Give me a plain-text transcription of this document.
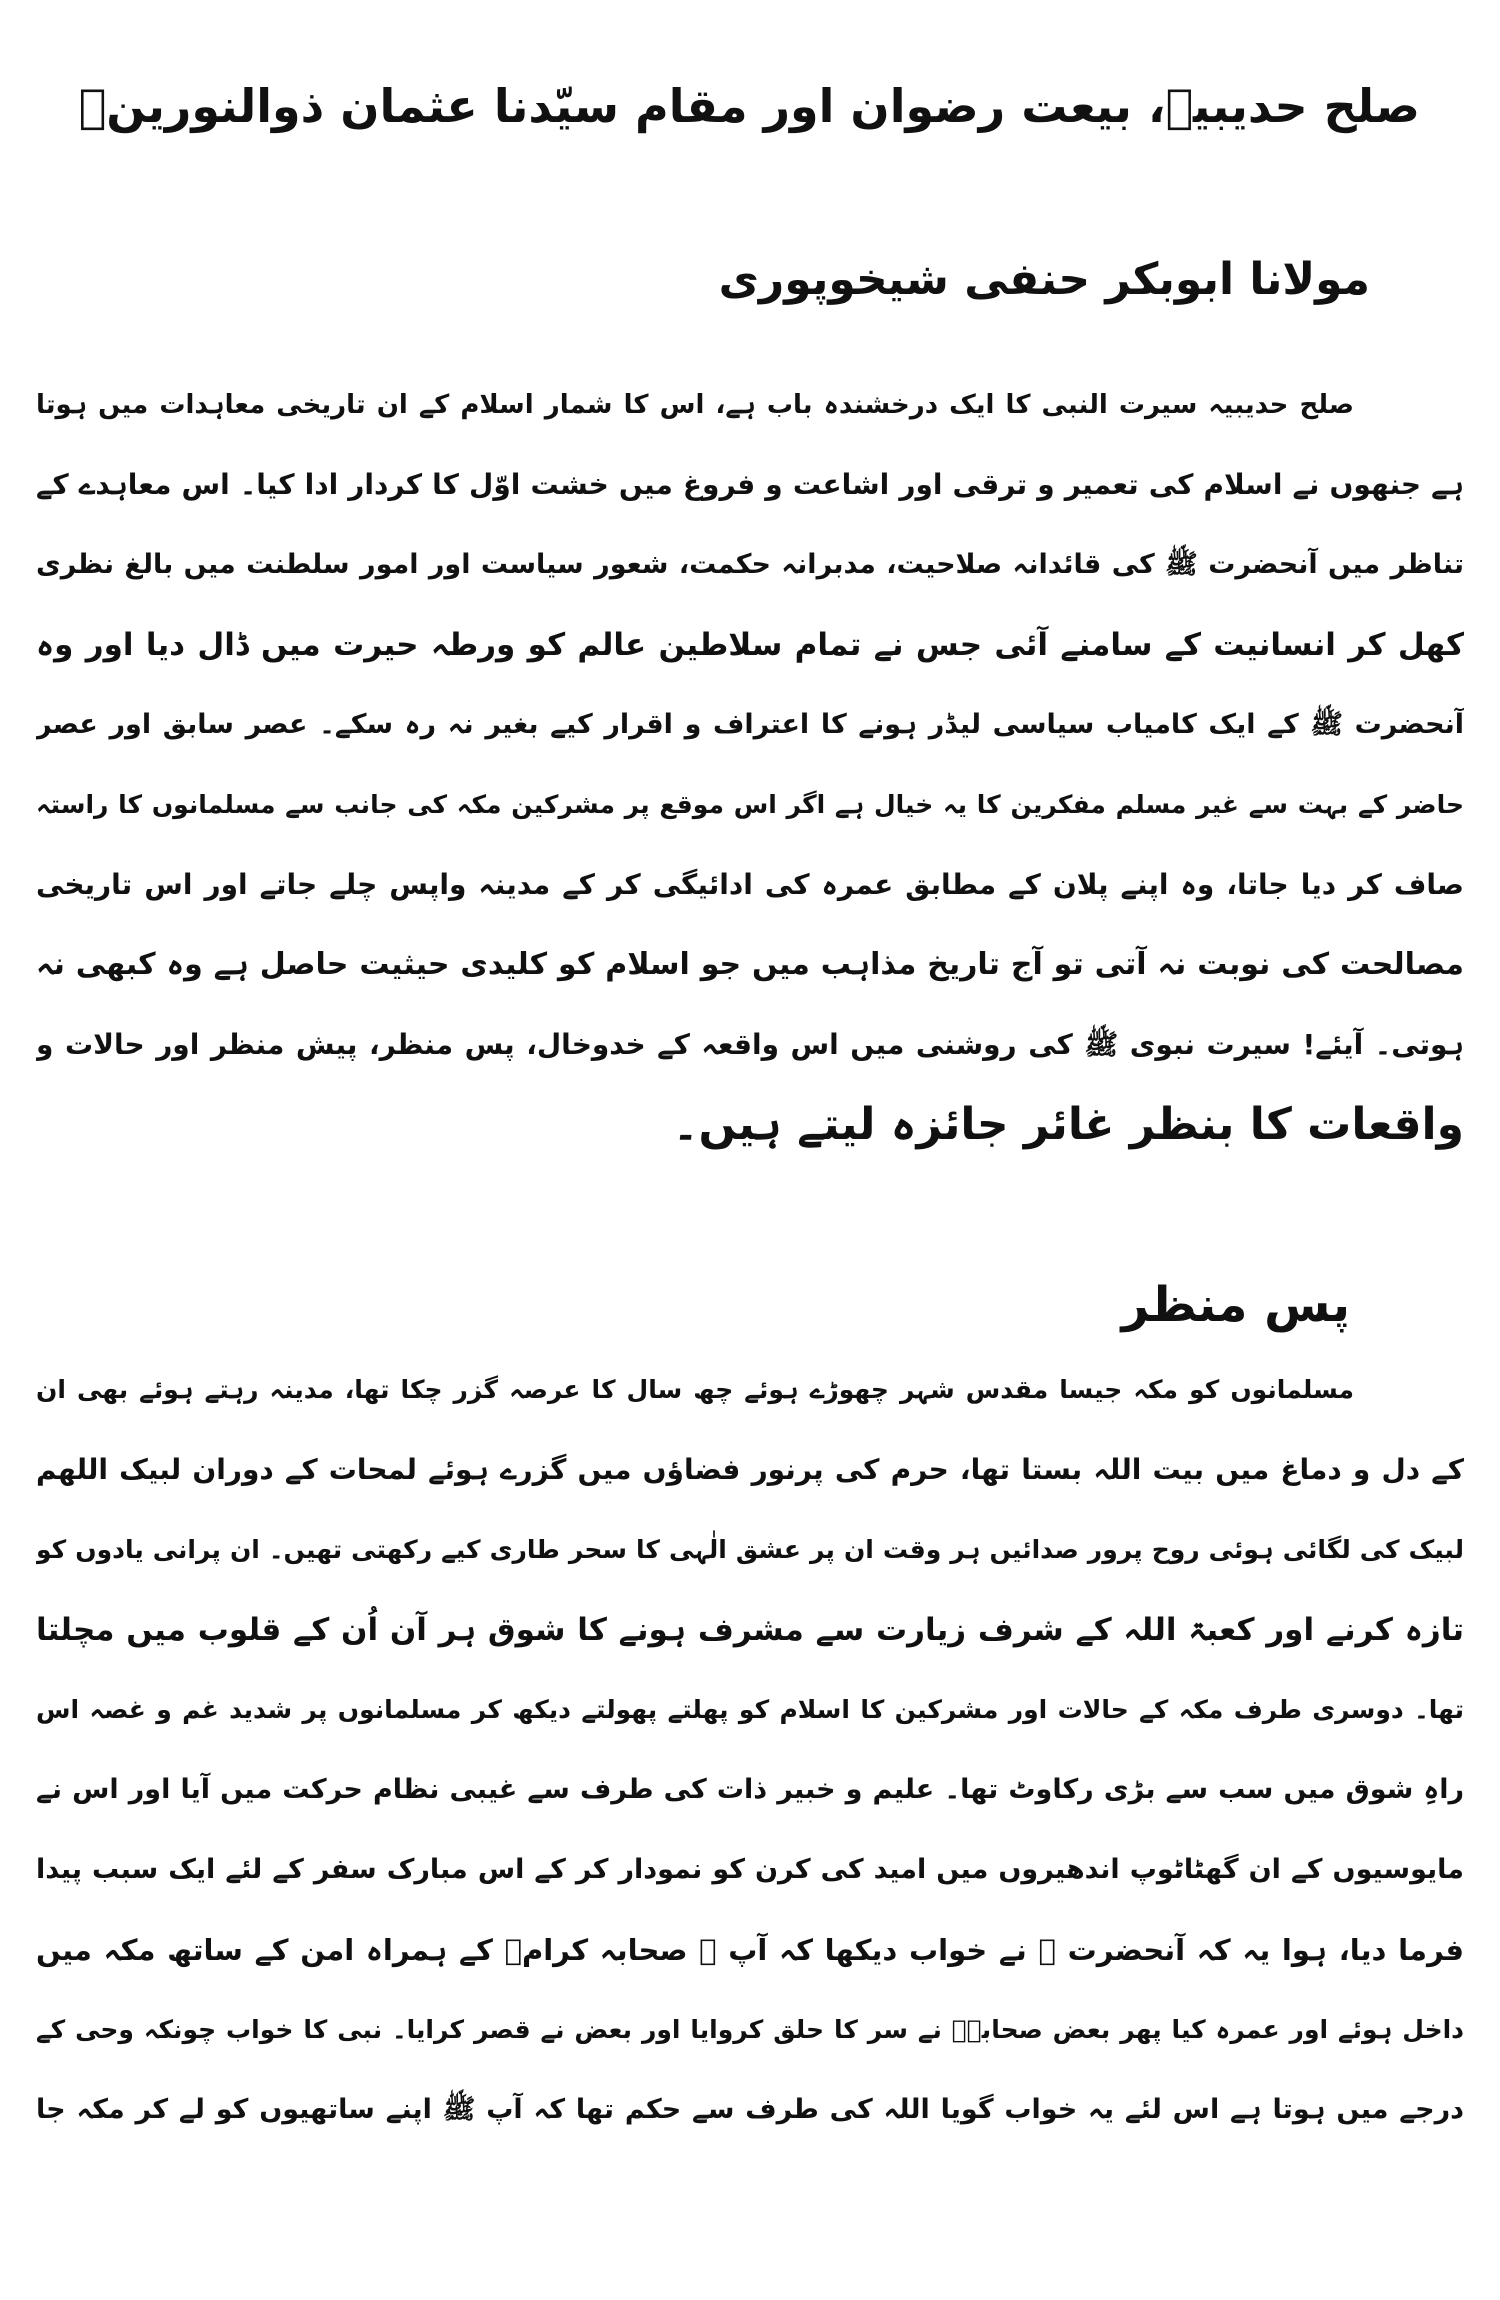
صلح حدیبیہ، بیعت رضوان اور مقام سیّدنا عثمان ذوالنورینؓ
مولانا ابوبکر حنفی شیخوپوری
صلح حدیبیہ سیرت النبی کا ایک درخشندہ باب ہے، اس کا شمار اسلام کے ان تاریخی معاہدات میں ہوتا
ہے جنھوں نے اسلام کی تعمیر و ترقی اور اشاعت و فروغ میں خشت اوّل کا کردار ادا کیا۔ اس معاہدے کے
تناظر میں آنحضرت ﷺ کی قائدانہ صلاحیت، مدبرانہ حکمت، شعور سیاست اور امور سلطنت میں بالغ نظری
کھل کر انسانیت کے سامنے آئی جس نے تمام سلاطین عالم کو ورطہ حیرت میں ڈال دیا اور وہ
آنحضرت ﷺ کے ایک کامیاب سیاسی لیڈر ہونے کا اعتراف و اقرار کیے بغیر نہ رہ سکے۔ عصر سابق اور عصر
حاضر کے بہت سے غیر مسلم مفکرین کا یہ خیال ہے اگر اس موقع پر مشرکین مکہ کی جانب سے مسلمانوں کا راستہ
صاف کر دیا جاتا، وہ اپنے پلان کے مطابق عمرہ کی ادائیگی کر کے مدینہ واپس چلے جاتے اور اس تاریخی
مصالحت کی نوبت نہ آتی تو آج تاریخ مذاہب میں جو اسلام کو کلیدی حیثیت حاصل ہے وہ کبھی نہ
ہوتی۔ آیئے! سیرت نبوی ﷺ کی روشنی میں اس واقعہ کے خدوخال، پس منظر، پیش منظر اور حالات و
واقعات کا بنظر غائر جائزہ لیتے ہیں۔
پس منظر
مسلمانوں کو مکہ جیسا مقدس شہر چھوڑے ہوئے چھ سال کا عرصہ گزر چکا تھا، مدینہ رہتے ہوئے بھی ان
کے دل و دماغ میں بیت اللہ بستا تھا، حرم کی پرنور فضاؤں میں گزرے ہوئے لمحات کے دوران لبیک اللھم
لبیک کی لگائی ہوئی روح پرور صدائیں ہر وقت ان پر عشق الٰہی کا سحر طاری کیے رکھتی تھیں۔ ان پرانی یادوں کو
تازہ کرنے اور کعبۃ اللہ کے شرف زیارت سے مشرف ہونے کا شوق ہر آن اُن کے قلوب میں مچلتا
تھا۔ دوسری طرف مکہ کے حالات اور مشرکین کا اسلام کو پھلتے پھولتے دیکھ کر مسلمانوں پر شدید غم و غصہ اس
راہِ شوق میں سب سے بڑی رکاوٹ تھا۔ علیم و خبیر ذات کی طرف سے غیبی نظام حرکت میں آیا اور اس نے
مایوسیوں کے ان گھٹاٹوپ اندھیروں میں امید کی کرن کو نمودار کر کے اس مبارک سفر کے لئے ایک سبب پیدا
فرما دیا، ہوا یہ کہ آنحضرت ﷺ نے خواب دیکھا کہ آپ ﷺ صحابہ کرامؓ کے ہمراہ امن کے ساتھ مکہ میں
داخل ہوئے اور عمرہ کیا پھر بعض صحابہؓ نے سر کا حلق کروایا اور بعض نے قصر کرایا۔ نبی کا خواب چونکہ وحی کے
درجے میں ہوتا ہے اس لئے یہ خواب گویا اللہ کی طرف سے حکم تھا کہ آپ ﷺ اپنے ساتھیوں کو لے کر مکہ جا
